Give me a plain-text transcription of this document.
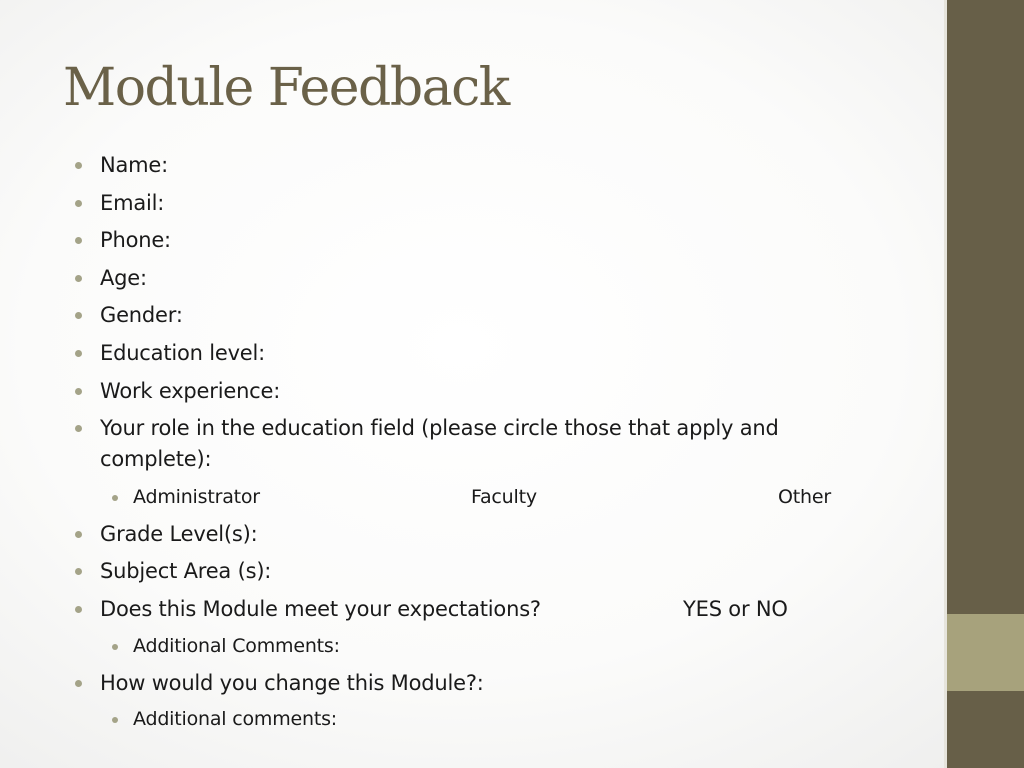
Module Feedback
Name:
Email:
Phone:
Age:
Gender:
Education level:
Work experience:
Your role in the education field (please circle those that apply and complete):
Administrator	Faculty	Other
Grade Level(s):
Subject Area (s):
Does this Module meet your expectations?	YES or NO
Additional Comments:
How would you change this Module?:
Additional comments:
